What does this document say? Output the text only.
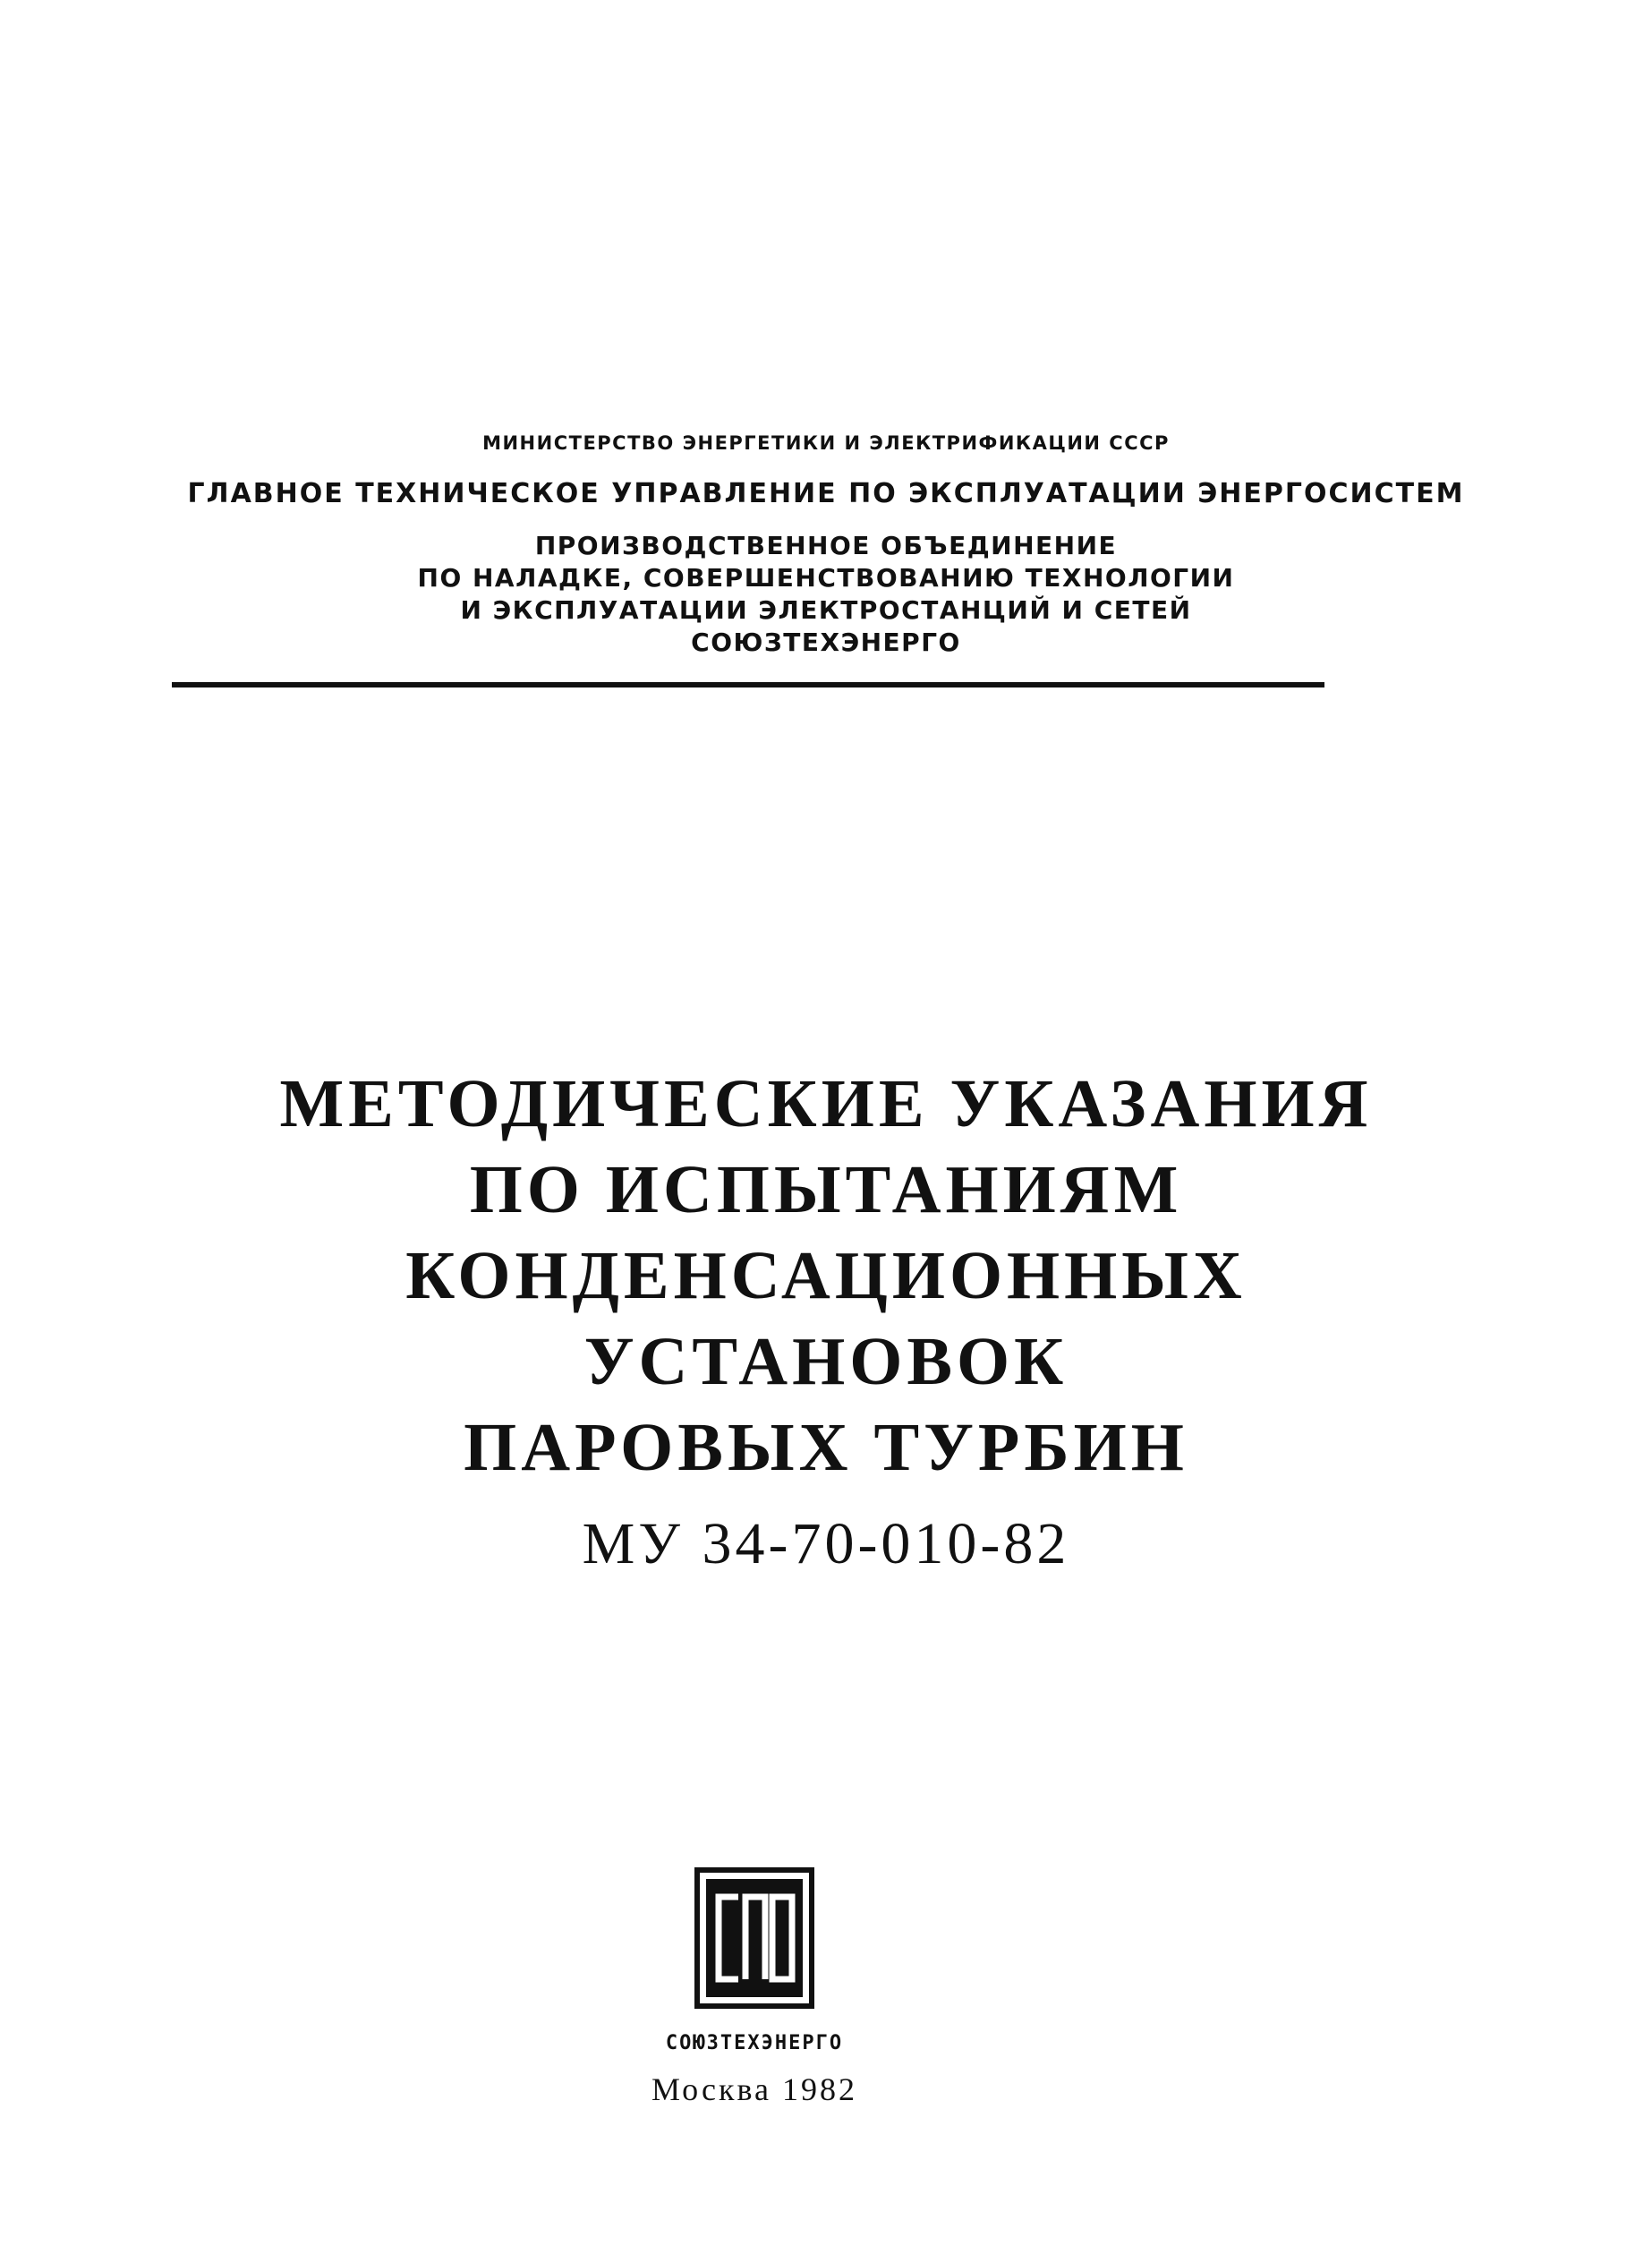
МИНИСТЕРСТВО ЭНЕРГЕТИКИ И ЭЛЕКТРИФИКАЦИИ СССР
ГЛАВНОЕ ТЕХНИЧЕСКОЕ УПРАВЛЕНИЕ ПО ЭКСПЛУАТАЦИИ ЭНЕРГОСИСТЕМ
ПРОИЗВОДСТВЕННОЕ ОБЪЕДИНЕНИЕ
ПО НАЛАДКЕ, СОВЕРШЕНСТВОВАНИЮ ТЕХНОЛОГИИ
И ЭКСПЛУАТАЦИИ ЭЛЕКТРОСТАНЦИЙ И СЕТЕЙ
СОЮЗТЕХЭНЕРГО
МЕТОДИЧЕСКИЕ УКАЗАНИЯ
ПО ИСПЫТАНИЯМ
КОНДЕНСАЦИОННЫХ
УСТАНОВОК
ПАРОВЫХ ТУРБИН
МУ 34-70-010-82
СОЮЗТЕХЭНЕРГО
Москва 1982
